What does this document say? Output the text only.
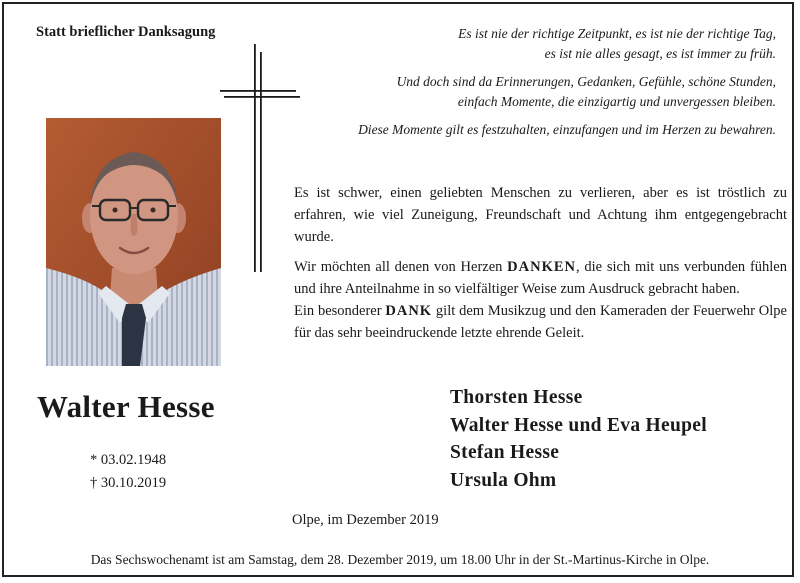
Statt brieflicher Danksagung	Es ist nie der richtige Zeitpunkt, es ist nie der richtige Tag,
es ist nie alles gesagt, es ist immer zu früh.

Und doch sind da Erinnerungen, Gedanken, Gefühle, schöne Stunden,
einfach Momente, die einzigartig und unvergessen bleiben.

Diese Momente gilt es festzuhalten, einzufangen und im Herzen zu bewahren.

Walter Hesse
* 03.02.1948
† 30.10.2019

Es ist schwer, einen geliebten Menschen zu verlieren, aber es ist tröstlich zu erfahren, wie viel Zuneigung, Freundschaft und Achtung ihm entgegengebracht wurde.

Wir möchten all denen von Herzen DANKEN, die sich mit uns verbunden fühlen und ihre Anteilnahme in so vielfältiger Weise zum Ausdruck gebracht haben.

Ein besonderer DANK gilt dem Musikzug und den Kameraden der Feuerwehr Olpe für das sehr beeindruckende letzte ehrende Geleit.

Thorsten Hesse
Walter Hesse und Eva Heupel
Stefan Hesse
Ursula Ohm
Olpe, im Dezember 2019
Das Sechswochenamt ist am Samstag, dem 28. Dezember 2019, um 18.00 Uhr in der St.-Martinus-Kirche in Olpe.
